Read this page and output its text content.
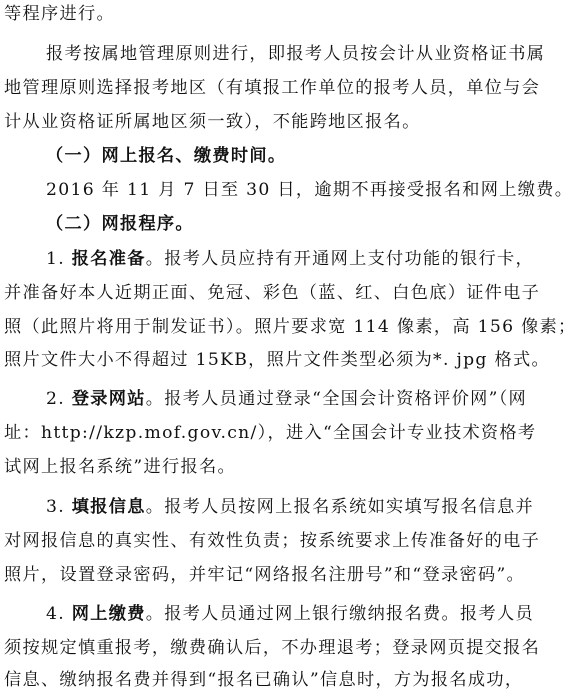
等程序进行。
报考按属地管理原则进行，即报考人员按会计从业资格证书属
地管理原则选择报考地区（有填报工作单位的报考人员，单位与会
计从业资格证所属地区须一致），不能跨地区报名。
（一）网上报名、缴费时间。
2016 年 11 月 7 日至 30 日，逾期不再接受报名和网上缴费。
（二）网报程序。
1. 报名准备。报考人员应持有开通网上支付功能的银行卡，
并准备好本人近期正面、免冠、彩色（蓝、红、白色底）证件电子
照（此照片将用于制发证书）。照片要求宽 114 像素，高 156 像素；
照片文件大小不得超过 15KB，照片文件类型必须为*. jpg 格式。
2. 登录网站。报考人员通过登录“全国会计资格评价网”（网
址：http://kzp.mof.gov.cn/），进入“全国会计专业技术资格考
试网上报名系统”进行报名。
3. 填报信息。报考人员按网上报名系统如实填写报名信息并
对网报信息的真实性、有效性负责；按系统要求上传准备好的电子
照片，设置登录密码，并牢记“网络报名注册号”和“登录密码”。
4. 网上缴费。报考人员通过网上银行缴纳报名费。报考人员
须按规定慎重报考，缴费确认后，不办理退考；登录网页提交报名
信息、缴纳报名费并得到“报名已确认”信息时，方为报名成功，
